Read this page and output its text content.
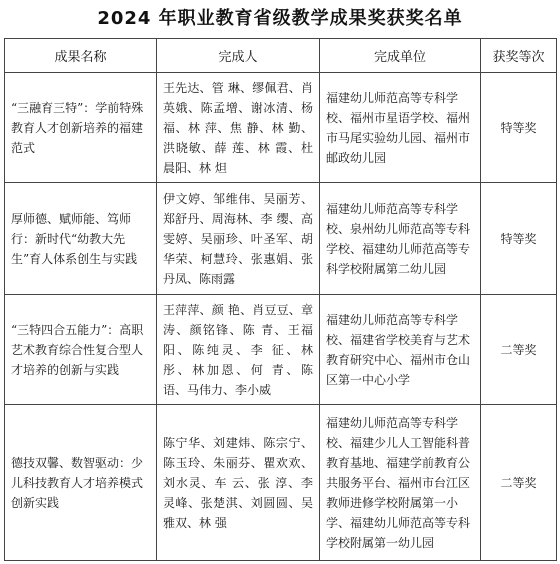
2024 年职业教育省级教学成果奖获奖名单
成果名称	完成人	完成单位	获奖等次
“三融育三特”：学前特殊教育人才创新培养的福建范式	王先达、管 琳、缪佩君、肖英娥、陈孟增、谢冰清、杨 福、林 萍、焦 静、林 勤、洪晓敏、薛 莲、林 霞、杜晨阳、林 炟	福建幼儿师范高等专科学校、福州市星语学校、福州市马尾实验幼儿园、福州市邮政幼儿园	特等奖
厚师德、赋师能、笃师行：新时代“幼教大先生”育人体系创生与实践	伊文婷、邹维伟、吴丽芳、郑舒丹、周海林、李 缨、高雯婷、吴丽珍、叶圣军、胡华荣、柯慧玲、张惠娟、张丹凤、陈雨露	福建幼儿师范高等专科学校、泉州幼儿师范高等专科学校、福建幼儿师范高等专科学校附属第二幼儿园	特等奖
“三特四合五能力”：高职艺术教育综合性复合型人才培养的创新与实践	王萍萍、颜 艳、肖豆豆、章 涛、颜铭锋、陈 青、王福阳、陈纯灵、李 征、林 彤、林加恩、何 青、陈 语、马伟力、李小威	福建幼儿师范高等专科学校、福建省学校美育与艺术教育研究中心、福州市仓山区第一中心小学	二等奖
德技双馨、数智驱动：少儿科技教育人才培养模式创新实践	陈宁华、刘建炜、陈宗宁、陈玉玲、朱丽芬、瞿欢欢、刘水灵、车 云、张 淳、李灵峰、张楚淇、刘圆圆、吴雅双、林 强	福建幼儿师范高等专科学校、福建少儿人工智能科普教育基地、福建学前教育公共服务平台、福州市台江区教师进修学校附属第一小学、福建幼儿师范高等专科学校附属第一幼儿园	二等奖
